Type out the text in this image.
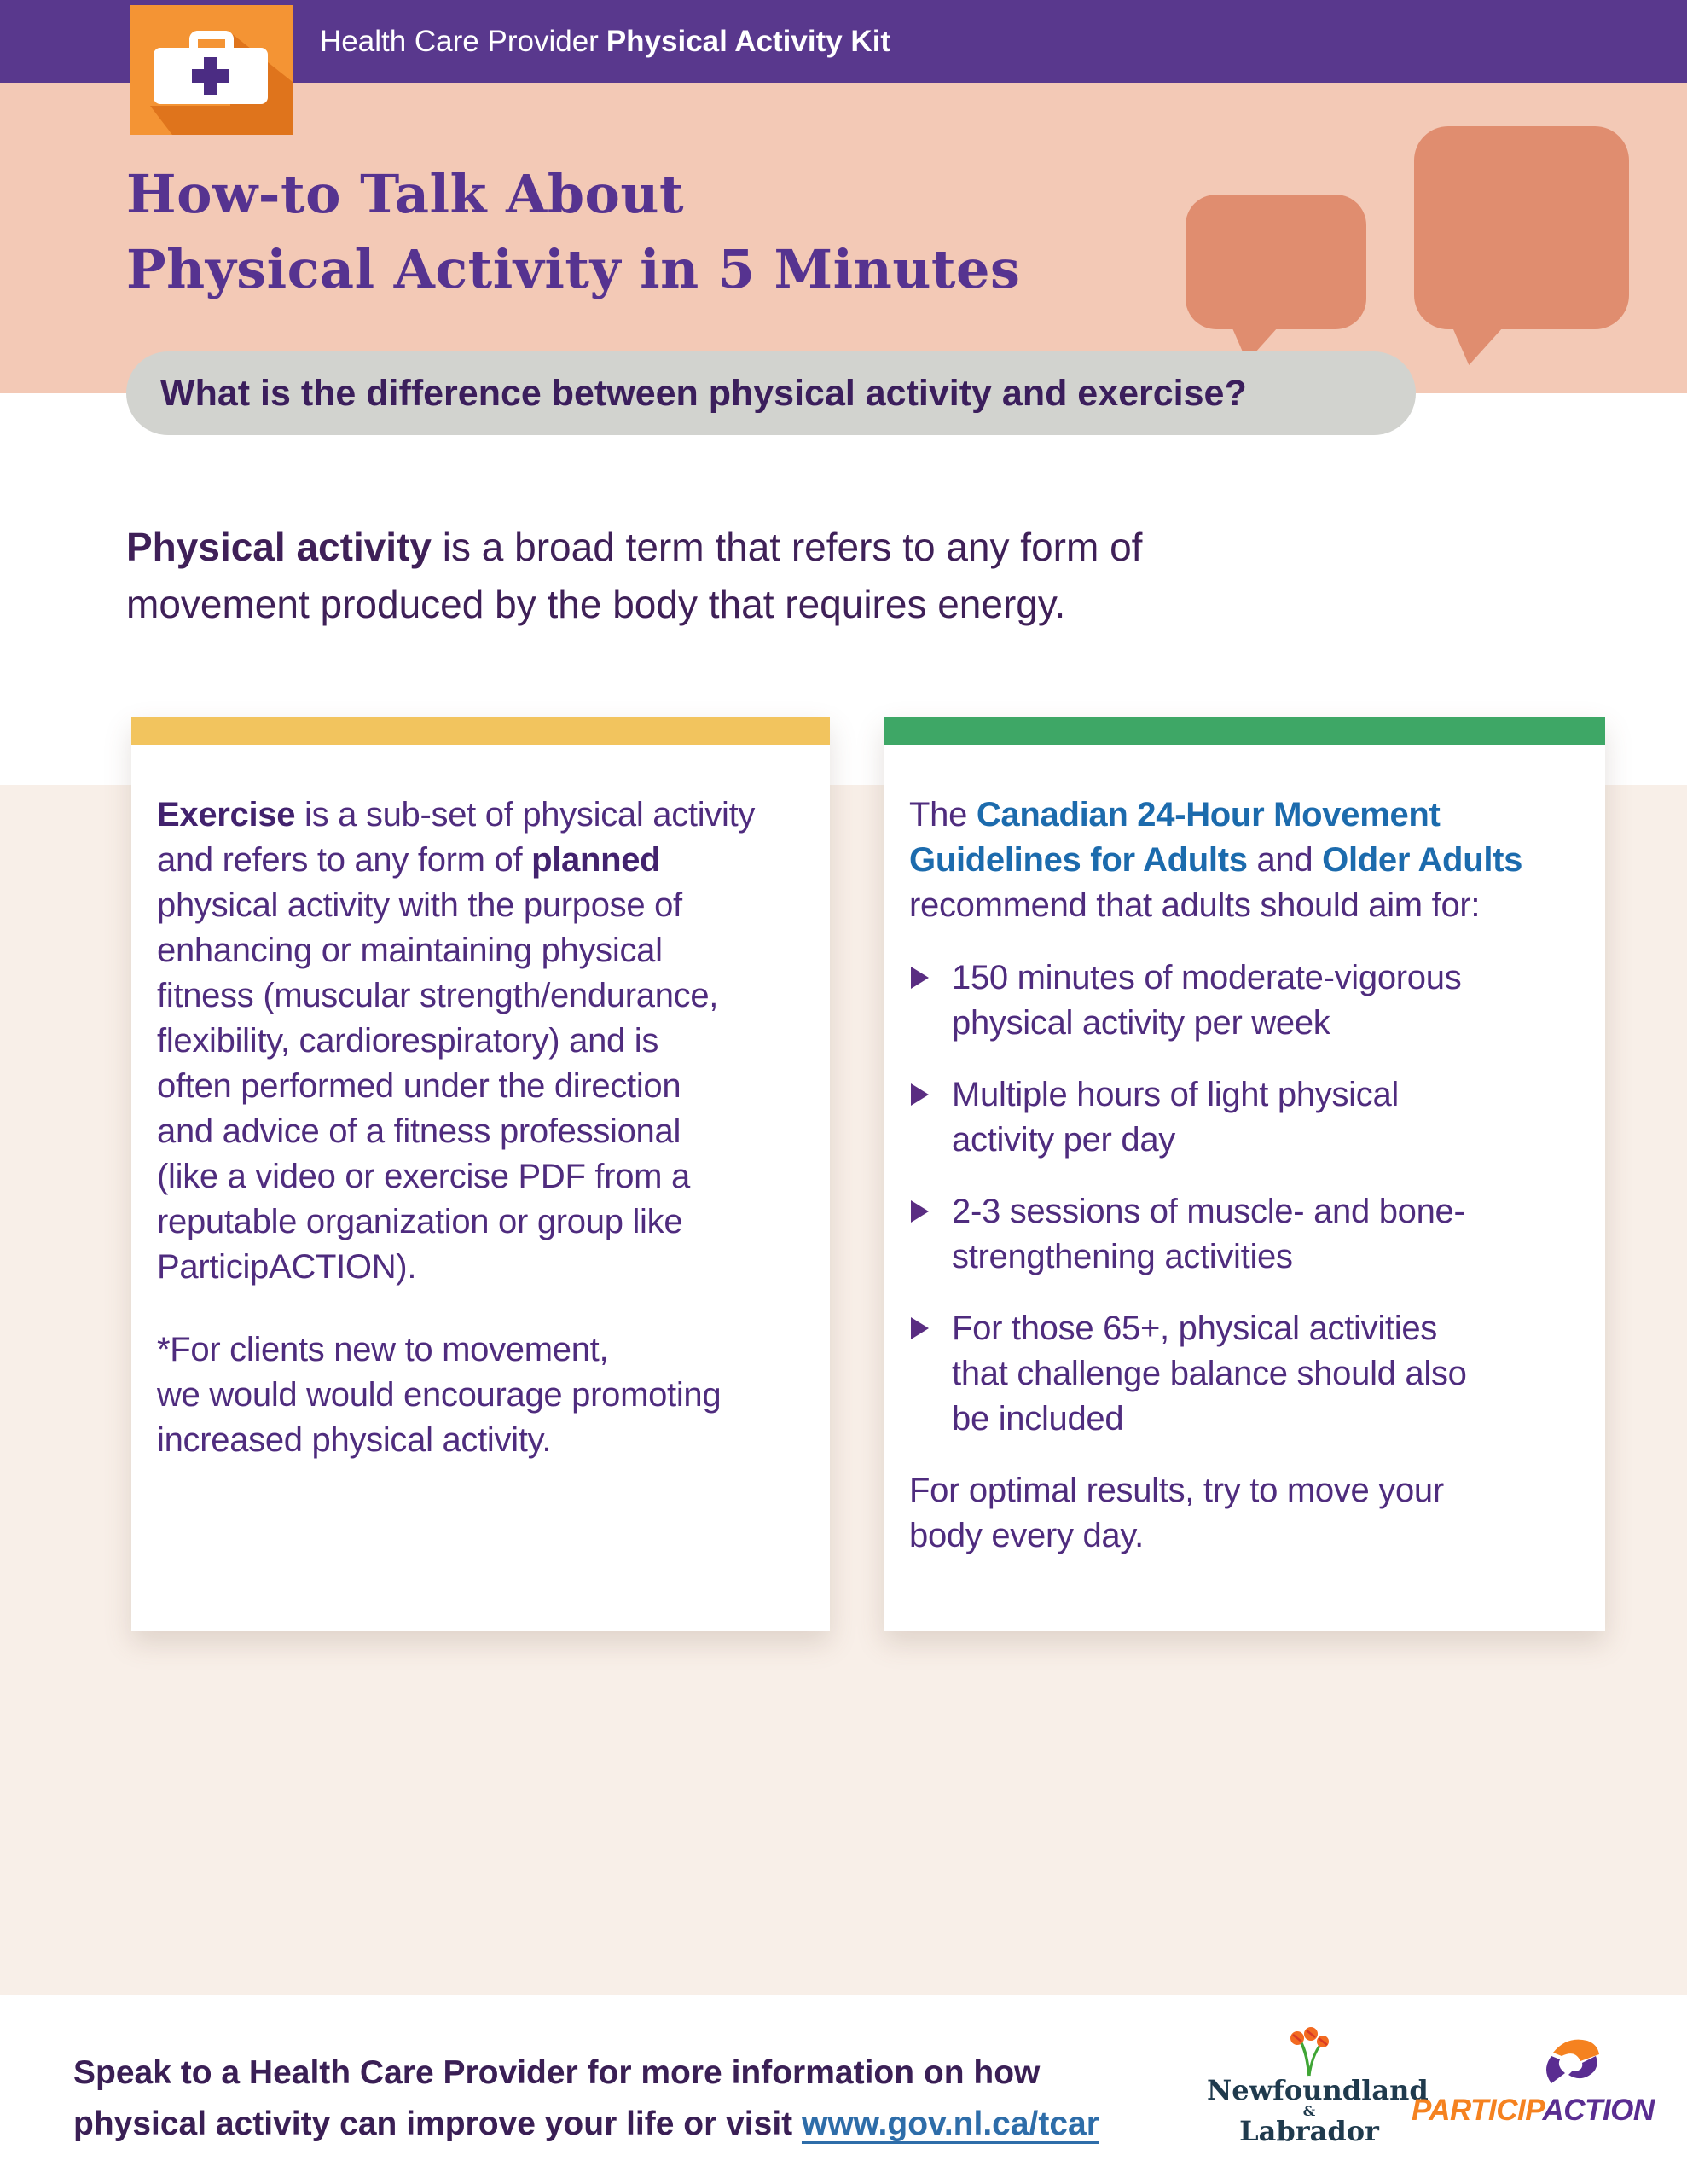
Health Care Provider Physical Activity Kit
How-to Talk About
Physical Activity in 5 Minutes
What is the difference between physical activity and exercise?
Physical activity is a broad term that refers to any form of
movement produced by the body that requires energy.
Exercise is a sub-set of physical activity
and refers to any form of planned
physical activity with the purpose of
enhancing or maintaining physical
fitness (muscular strength/endurance,
flexibility, cardiorespiratory) and is
often performed under the direction
and advice of a fitness professional
(like a video or exercise PDF from a
reputable organization or group like
ParticipACTION).
*For clients new to movement,
we would would encourage promoting
increased physical activity.
The Canadian 24-Hour Movement
Guidelines for Adults and Older Adults
recommend that adults should aim for:
150 minutes of moderate-vigorous
physical activity per week
Multiple hours of light physical
activity per day
2-3 sessions of muscle- and bone-
strengthening activities
For those 65+, physical activities
that challenge balance should also
be included
For optimal results, try to move your
body every day.
Speak to a Health Care Provider for more information on how
physical activity can improve your life or visit www.gov.nl.ca/tcar
Newfoundland
&
Labrador
PARTICIPACTION
